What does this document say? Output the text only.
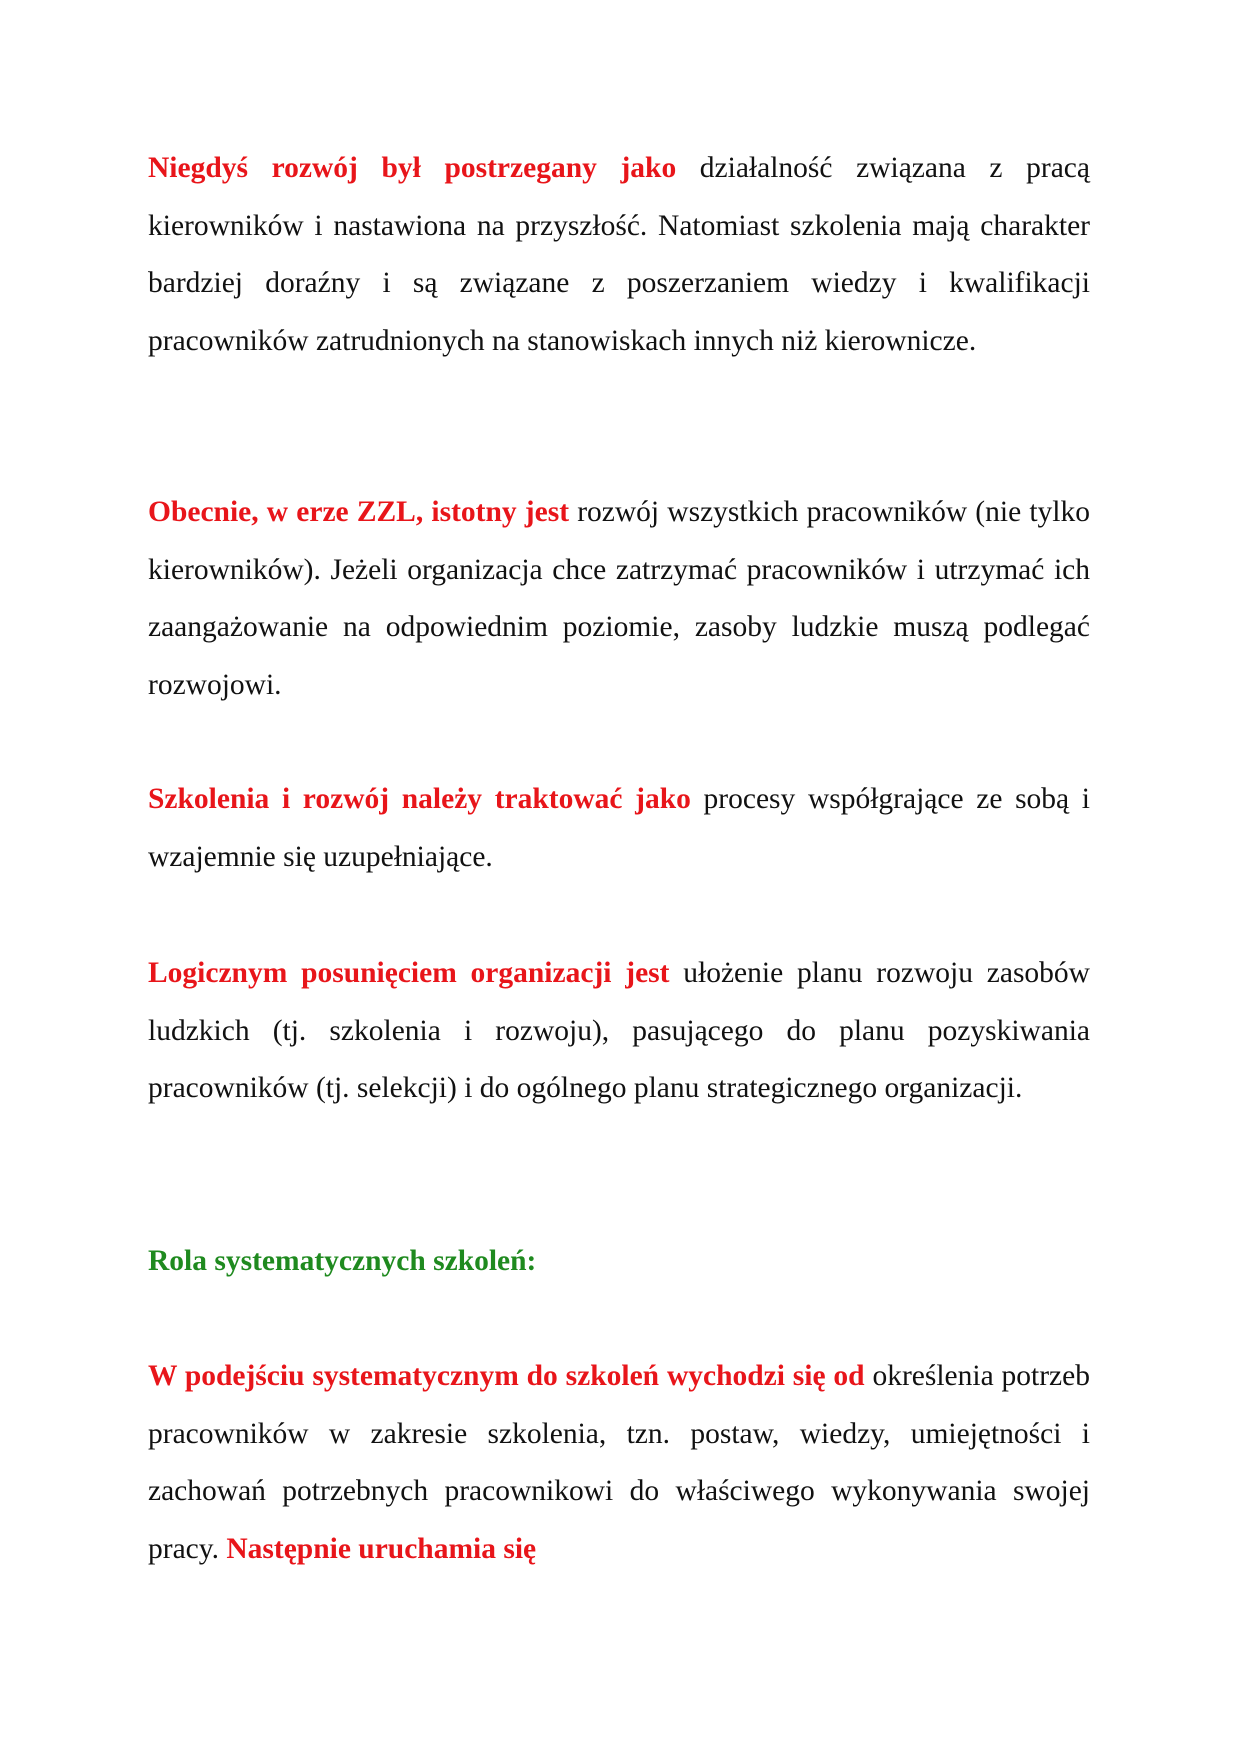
Niegdyś rozwój był postrzegany jako działalność związana z pracą kierowników i nastawiona na przyszłość. Natomiast szkolenia mają charakter bardziej doraźny i są związane z poszerzaniem wiedzy i kwalifikacji pracowników zatrudnionych na stanowiskach innych niż kierownicze.

Obecnie, w erze ZZL, istotny jest rozwój wszystkich pracowników (nie tylko kierowników). Jeżeli organizacja chce zatrzymać pracowników i utrzymać ich zaangażowanie na odpowiednim poziomie, zasoby ludzkie muszą podlegać rozwojowi.

Szkolenia i rozwój należy traktować jako procesy współgrające ze sobą i wzajemnie się uzupełniające.

Logicznym posunięciem organizacji jest ułożenie planu rozwoju zasobów ludzkich (tj. szkolenia i rozwoju), pasującego do planu pozyskiwania pracowników (tj. selekcji) i do ogólnego planu strategicznego organizacji.

Rola systematycznych szkoleń:

W podejściu systematycznym do szkoleń wychodzi się od określenia potrzeb pracowników w zakresie szkolenia, tzn. postaw, wiedzy, umiejętności i zachowań potrzebnych pracownikowi do właściwego wykonywania swojej pracy. Następnie uruchamia się
